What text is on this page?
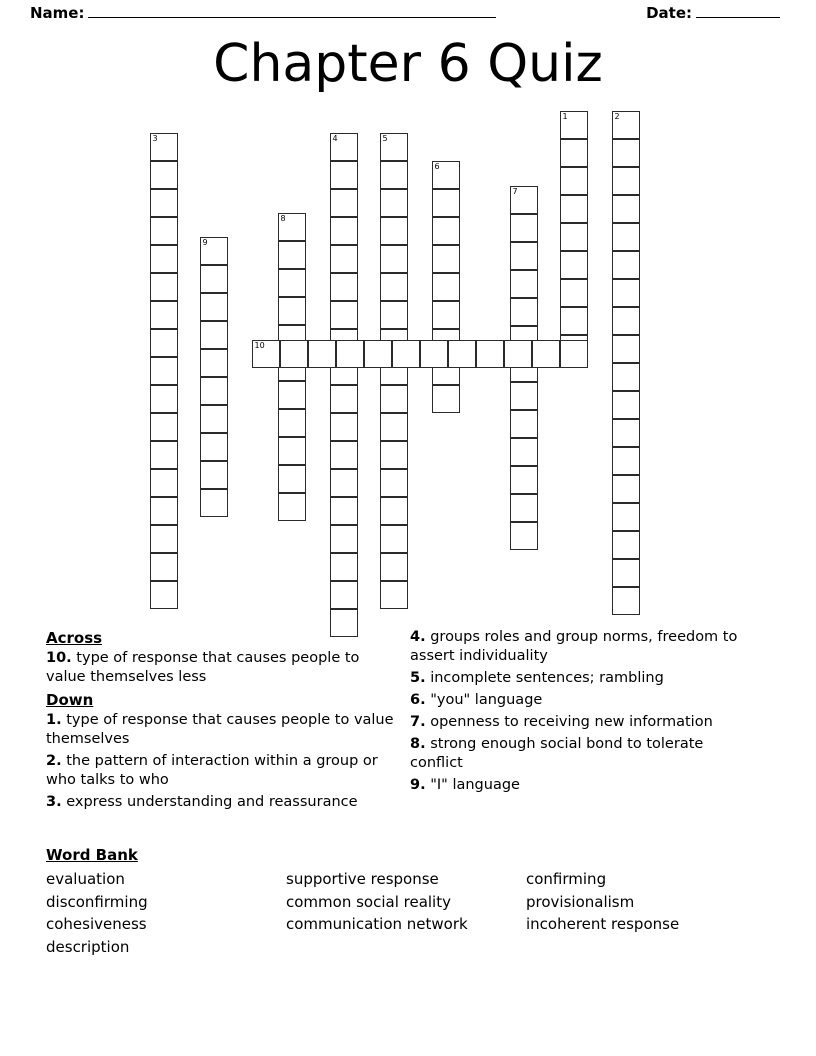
Name:	Date:
Chapter 6 Quiz
1	2
3	4	5
6
7
8
9
10
Across
10. type of response that causes people to value themselves less
Down
1. type of response that causes people to value themselves
2. the pattern of interaction within a group or who talks to who
3. express understanding and reassurance
4. groups roles and group norms, freedom to assert individuality
5. incomplete sentences; rambling
6. "you" language
7. openness to receiving new information
8. strong enough social bond to tolerate conflict
9. "I" language
Word Bank
evaluation	supportive response	confirming
disconfirming	common social reality	provisionalism
cohesiveness	communication network	incoherent response
description
